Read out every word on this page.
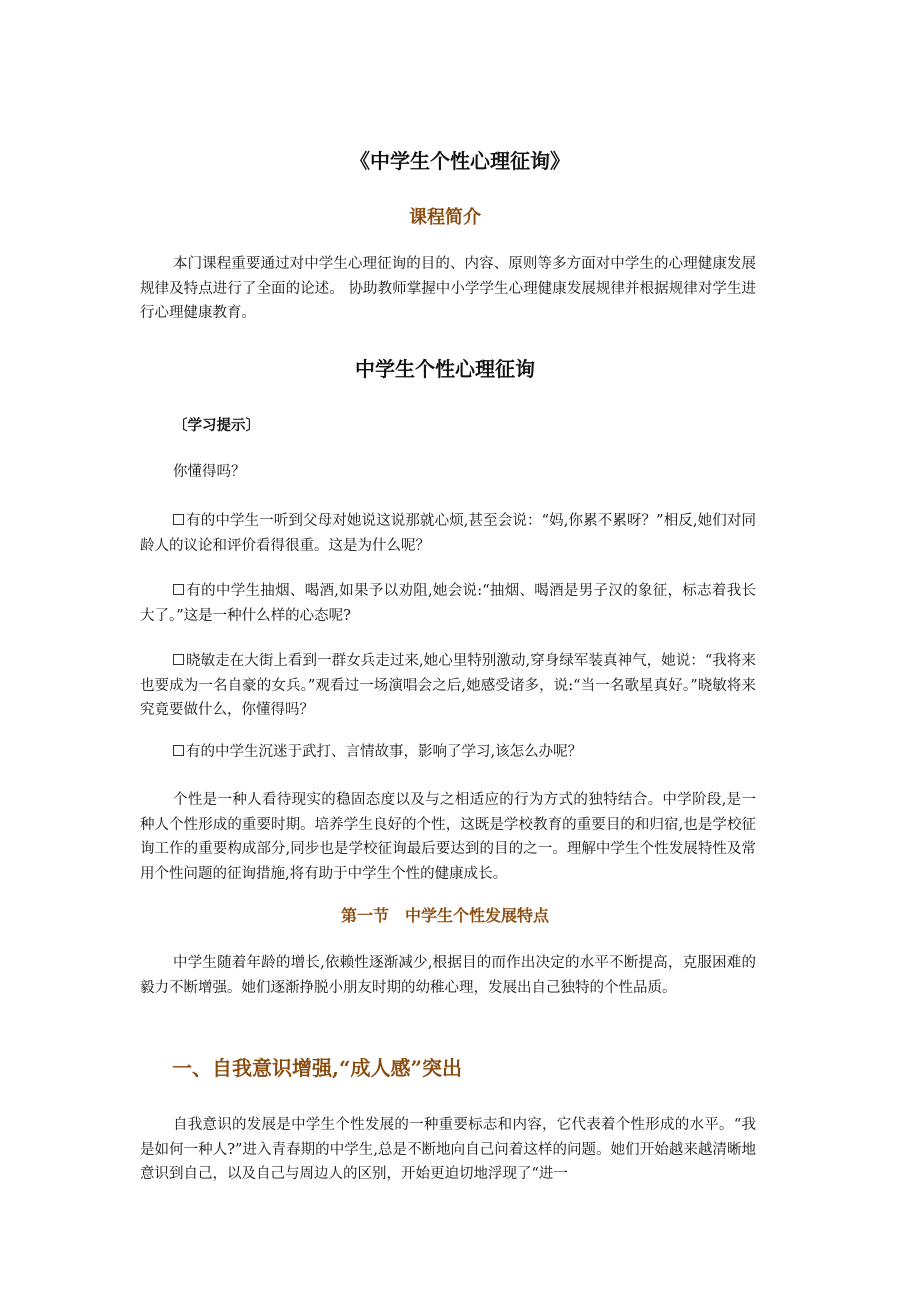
《中学生个性心理征询》
课程简介

本门课程重要通过对中学生心理征询的目的、内容、原则等多方面对中学生的心理健康发展规律及特点进行了全面的论述。 协助教师掌握中小学学生心理健康发展规律并根据规律对学生进行心理健康教育。

中学生个性心理征询

〔学习提示〕

你懂得吗？

有的中学生一听到父母对她说这说那就心烦,甚至会说：“妈,你累不累呀？”相反,她们对同龄人的议论和评价看得很重。这是为什么呢？

有的中学生抽烟、喝酒,如果予以劝阻,她会说:“抽烟、喝酒是男子汉的象征，标志着我长大了。”这是一种什么样的心态呢?

晓敏走在大街上看到一群女兵走过来,她心里特别激动,穿身绿军装真神气，她说：“我将来也要成为一名自豪的女兵。”观看过一场演唱会之后,她感受诸多，说:“当一名歌星真好。”晓敏将来究竟要做什么，你懂得吗？

有的中学生沉迷于武打、言情故事，影响了学习,该怎么办呢？

个性是一种人看待现实的稳固态度以及与之相适应的行为方式的独特结合。中学阶段,是一种人个性形成的重要时期。培养学生良好的个性，这既是学校教育的重要目的和归宿,也是学校征询工作的重要构成部分,同步也是学校征询最后要达到的目的之一。理解中学生个性发展特性及常用个性问题的征询措施,将有助于中学生个性的健康成长。

第一节　中学生个性发展特点

中学生随着年龄的增长,依赖性逐渐减少,根据目的而作出决定的水平不断提高，克服困难的毅力不断增强。她们逐渐挣脱小朋友时期的幼稚心理，发展出自己独特的个性品质。

一、自我意识增强,“成人感”突出

自我意识的发展是中学生个性发展的一种重要标志和内容，它代表着个性形成的水平。“我是如何一种人?”进入青春期的中学生,总是不断地向自己问着这样的问题。她们开始越来越清晰地意识到自己，以及自己与周边人的区别，开始更迫切地浮现了“进一
